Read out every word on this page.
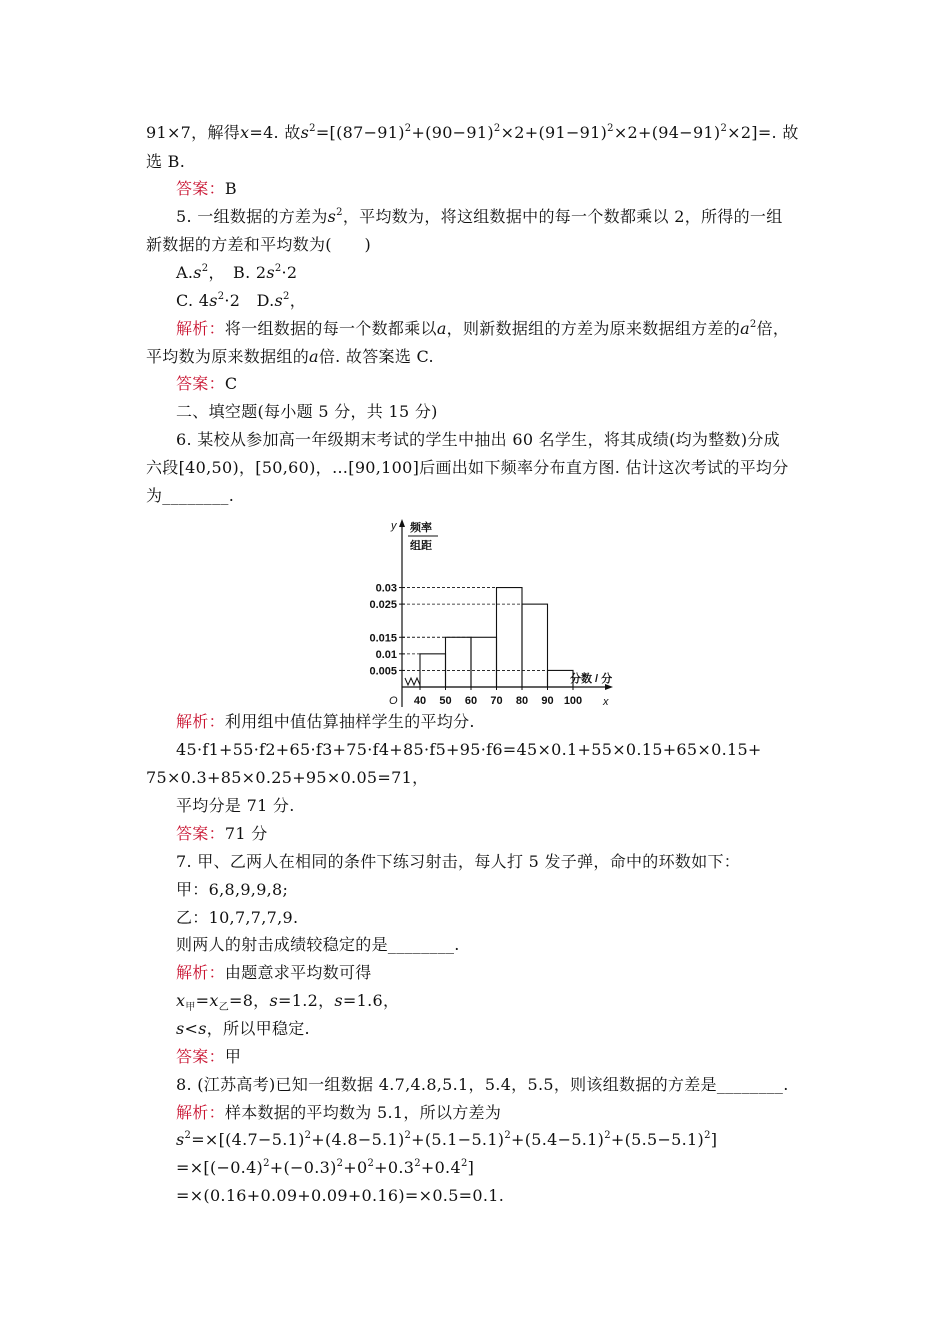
91×7，解得x=4. 故$s^2=[(87-91)^2+(90-91)^2\times 2+(91-91)^2\times 2+(94-91)^2\times 2]=$. 故
选 B.
答案：B
5. 一组数据的方差为$s^2$，平均数为，将这组数据中的每一个数都乘以 2，所得的一组
新数据的方差和平均数为(　　)
$A.s^2$，　B. $2s^2\cdot 2$
C. $4s^2\cdot 2$　$D.s^2$，
解析：将一组数据的每一个数都乘以a，则新数据组的方差为原来数据组方差的$a^2$倍，
平均数为原来数据组的a倍. 故答案选 C.
答案：C
二、填空题(每小题 5 分，共 15 分)
6. 某校从参加高一年级期末考试的学生中抽出 60 名学生，将其成绩(均为整数)分成
六段[40,50)，[50,60)，…[90,100]后画出如下频率分布直方图. 估计这次考试的平均分
为________.
y 频率
组距
O	x
分数 / 分
0.005
0.01
0.015
0.025
0.03
40 50 60 70 80 90 100
解析：利用组中值估算抽样学生的平均分.
45·f1+55·f2+65·f3+75·f4+85·f5+95·f6=45×0.1+55×0.15+65×0.15+
75×0.3+85×0.25+95×0.05=71，
平均分是 71 分.
答案：71 分
7. 甲、乙两人在相同的条件下练习射击，每人打 5 发子弹，命中的环数如下：
甲：6,8,9,9,8;
乙：10,7,7,7,9.
则两人的射击成绩较稳定的是________.
解析：由题意求平均数可得
$x_甲=x_乙=8$，s=1.2，s=1.6，
s<s，所以甲稳定.
答案：甲
8. (江苏高考)已知一组数据 4.7,4.8,5.1，5.4，5.5，则该组数据的方差是________.
解析：样本数据的平均数为 5.1，所以方差为
$s^2=\times[(4.7-5.1)^2+(4.8-5.1)^2+(5.1-5.1)^2+(5.4-5.1)^2+(5.5-5.1)^2]$
$=\times[(-0.4)^2+(-0.3)^2+0^2+0.3^2+0.4^2]$
=×(0.16+0.09+0.09+0.16)=×0.5=0.1.
